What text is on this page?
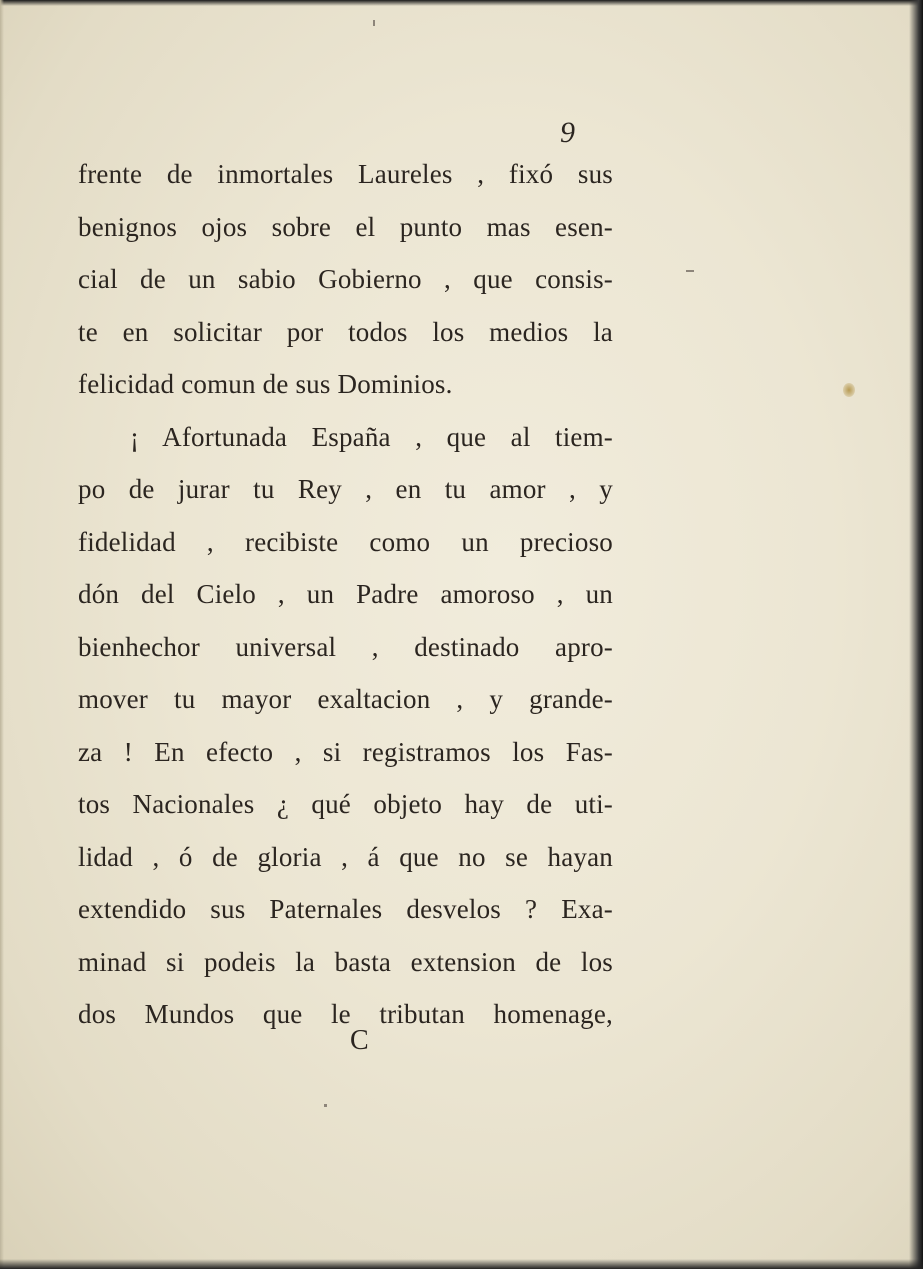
9
frente de inmortales Laureles , fixó sus
benignos ojos sobre el punto mas esen-
cial de un sabio Gobierno , que consis-
te en solicitar por todos los medios la
felicidad comun de sus Dominios.
¡ Afortunada España , que al tiem-
po de jurar tu Rey , en tu amor , y
fidelidad , recibiste como un precioso
dón del Cielo , un Padre amoroso , un
bienhechor universal , destinado apro-
mover tu mayor exaltacion , y grande-
za ! En efecto , si registramos los Fas-
tos Nacionales ¿ qué objeto hay de uti-
lidad , ó de gloria , á que no se hayan
extendido sus Paternales desvelos ? Exa-
minad si podeis la basta extension de los
dos Mundos que le tributan homenage,
C
